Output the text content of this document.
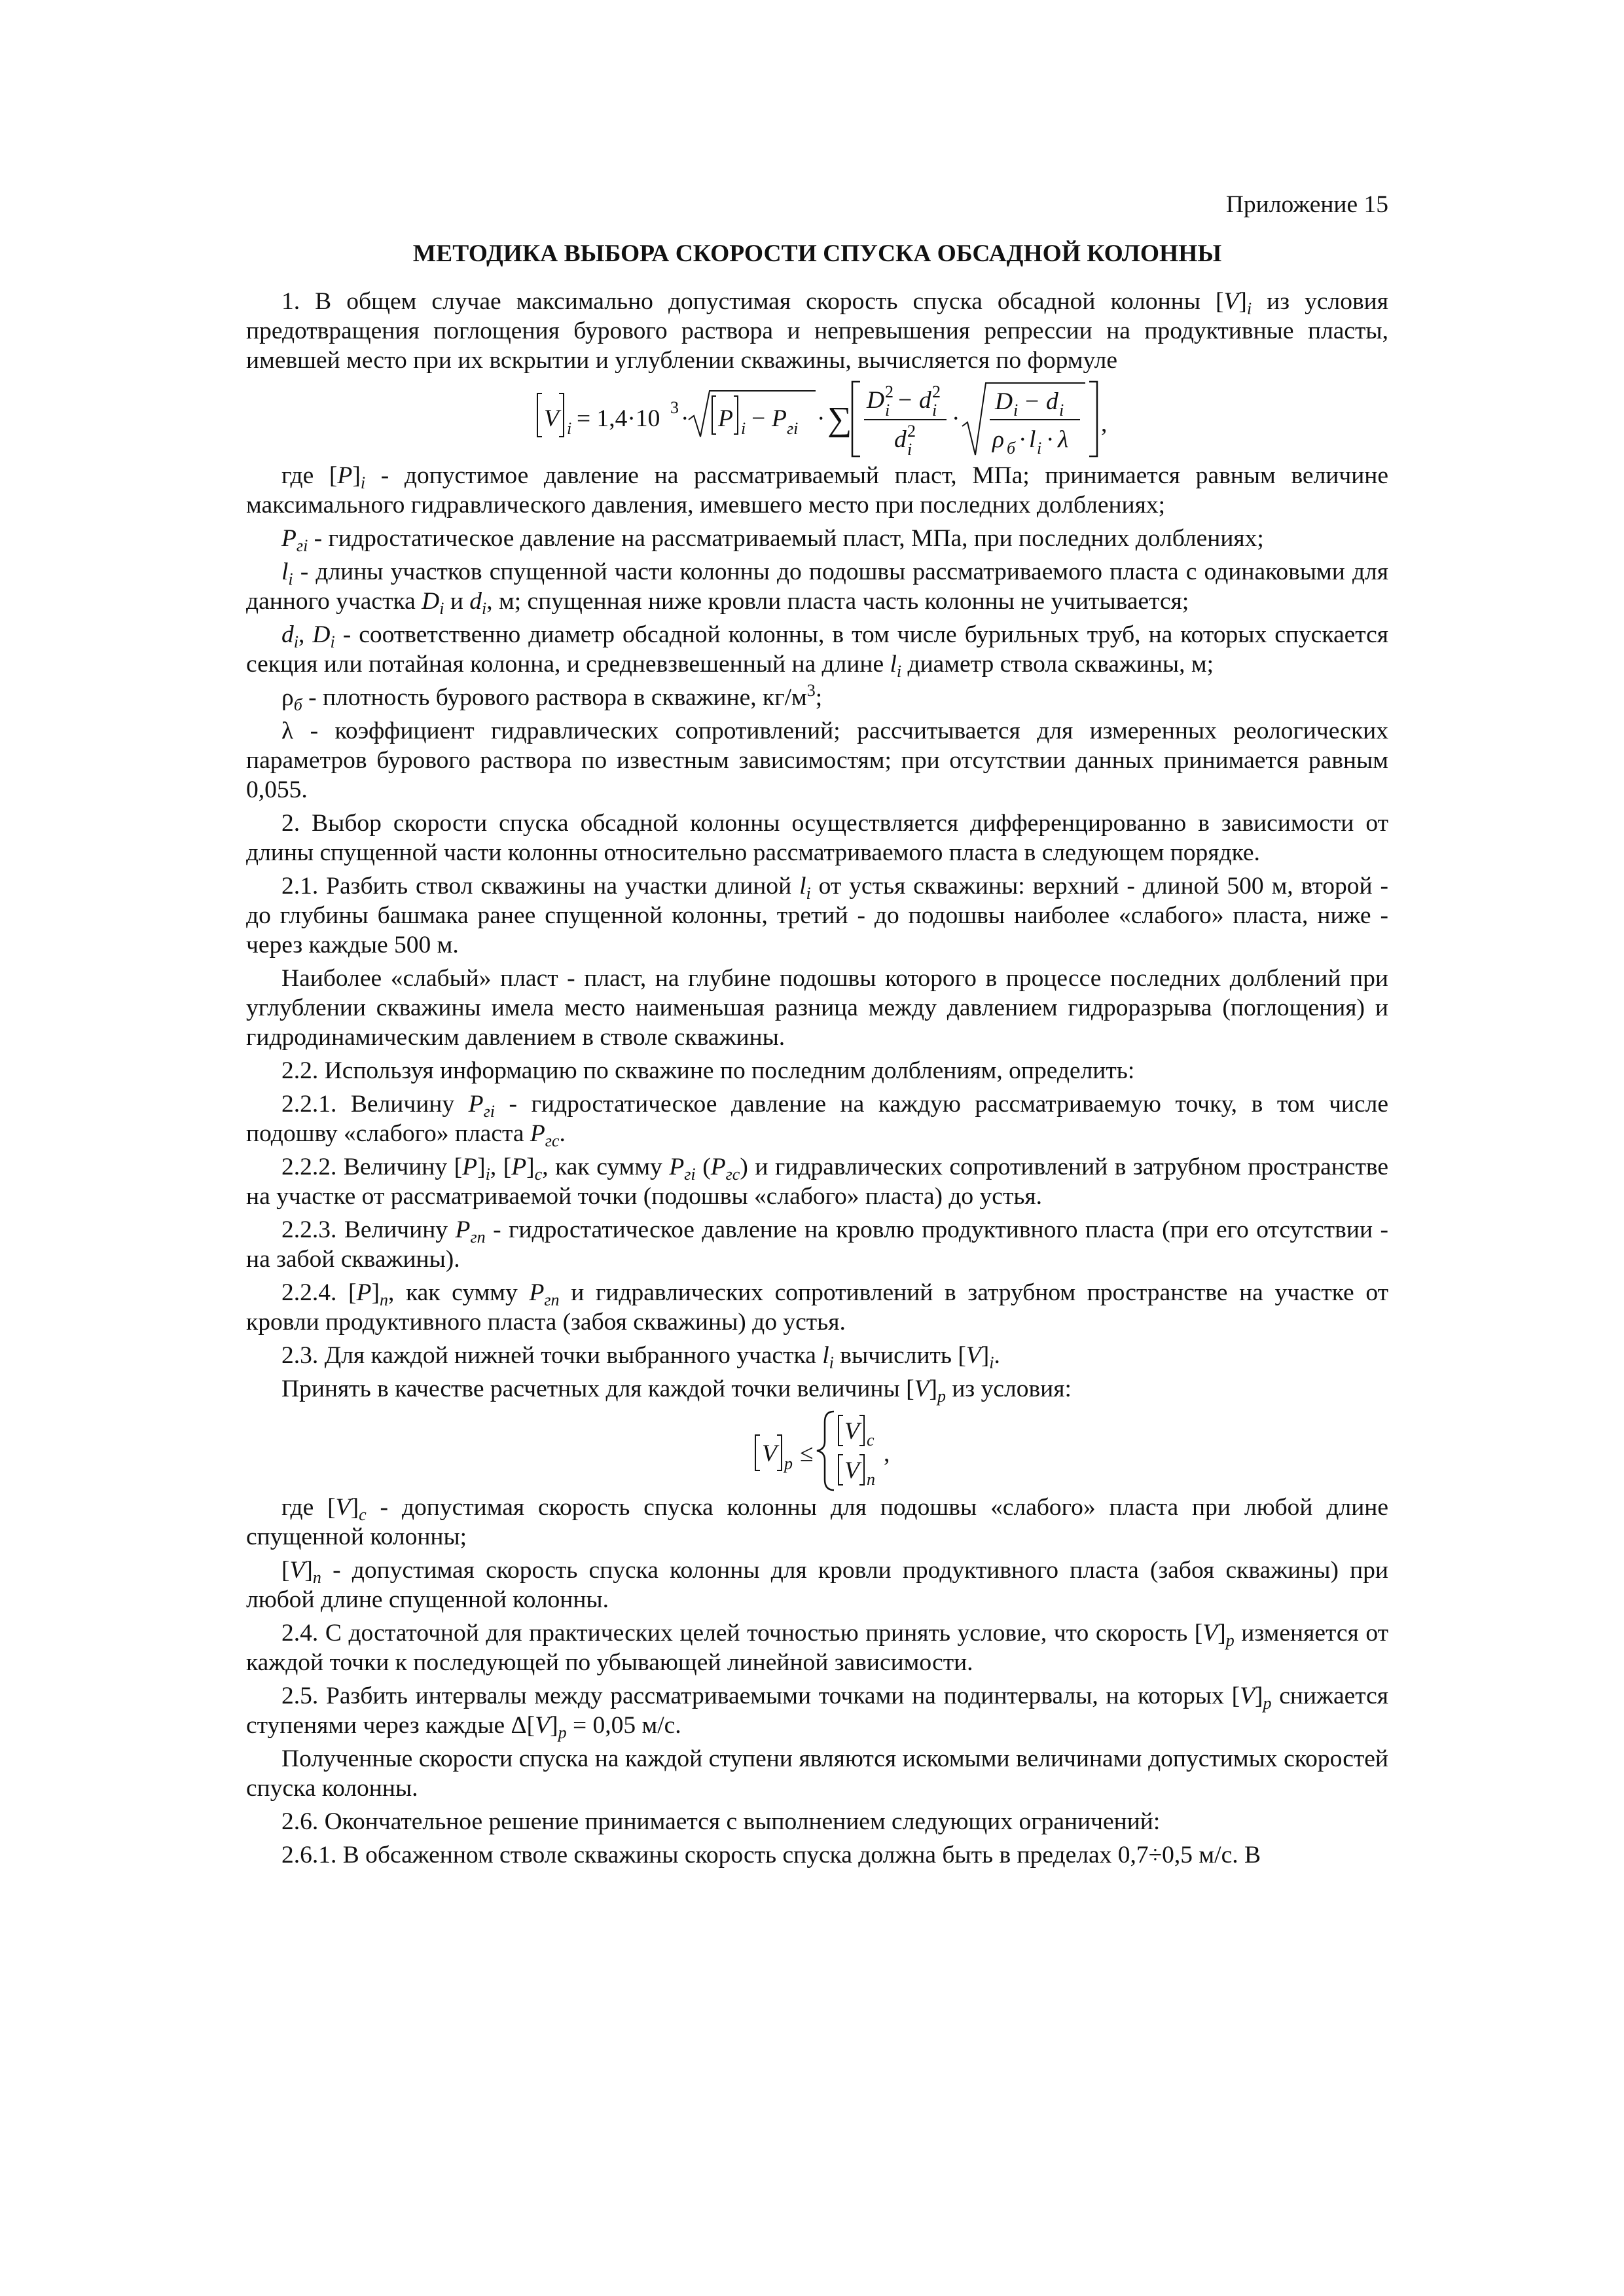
Приложение 15
МЕТОДИКА ВЫБОРА СКОРОСТИ СПУСКА ОБСАДНОЙ КОЛОННЫ

1. В общем случае максимально допустимая скорость спуска обсадной колонны $[V]_i$ из условия предотвращения поглощения бурового раствора и непревышения репрессии на продуктивные пласты, имевшей место при их вскрытии и углублении скважины, вычисляется по формуле

V i = 1,4·10 3 · P i − P гi · ∑
D 2
i − d 2
i
d 2
i
·
D i − d i
ρ б · l i · λ
,

где $[P]_i$ - допустимое давление на рассматриваемый пласт, МПа; принимается равным величине максимального гидравлического давления, имевшего место при последних долблениях;

$P_{гi}$ - гидростатическое давление на рассматриваемый пласт, МПа, при последних долблениях;

$l_i$ - длины участков спущенной части колонны до подошвы рассматриваемого пласта с одинаковыми для данного участка $D_i$ и $d_i$, м; спущенная ниже кровли пласта часть колонны не учитывается;

$d_i$, $D_i$ - соответственно диаметр обсадной колонны, в том числе бурильных труб, на которых спускается секция или потайная колонна, и средневзвешенный на длине $l_i$ диаметр ствола скважины, м;

$\rho_б$ - плотность бурового раствора в скважине, $кг/м^3$;

λ - коэффициент гидравлических сопротивлений; рассчитывается для измеренных реологических параметров бурового раствора по известным зависимостям; при отсутствии данных принимается равным 0,055.

2. Выбор скорости спуска обсадной колонны осуществляется дифференцированно в зависимости от длины спущенной части колонны относительно рассматриваемого пласта в следующем порядке.

2.1. Разбить ствол скважины на участки длиной $l_i$ от устья скважины: верхний - длиной 500 м, второй - до глубины башмака ранее спущенной колонны, третий - до подошвы наиболее «слабого» пласта, ниже - через каждые 500 м.

Наиболее «слабый» пласт - пласт, на глубине подошвы которого в процессе последних долблений при углублении скважины имела место наименьшая разница между давлением гидроразрыва (поглощения) и гидродинамическим давлением в стволе скважины.

2.2. Используя информацию по скважине по последним долблениям, определить:

2.2.1. Величину $P_{гi}$ - гидростатическое давление на каждую рассматриваемую точку, в том числе подошву «слабого» пласта $P_{гс}$.

2.2.2. Величину $[P]_i$, $[P]_c$, как сумму $P_{гi}$ $(P_{гс})$ и гидравлических сопротивлений в затрубном пространстве на участке от рассматриваемой точки (подошвы «слабого» пласта) до устья.

2.2.3. Величину $P_{гп}$ - гидростатическое давление на кровлю продуктивного пласта (при его отсутствии - на забой скважины).

2.2.4. $[P]_п$, как сумму $P_{гп}$ и гидравлических сопротивлений в затрубном пространстве на участке от кровли продуктивного пласта (забоя скважины) до устья.

2.3. Для каждой нижней точки выбранного участка $l_i$ вычислить $[V]_i$.

Принять в качестве расчетных для каждой точки величины $[V]_р$ из условия:

V р ≤
V с
V п
,

где $[V]_с$ - допустимая скорость спуска колонны для подошвы «слабого» пласта при любой длине спущенной колонны;

$[V]_п$ - допустимая скорость спуска колонны для кровли продуктивного пласта (забоя скважины) при любой длине спущенной колонны.

2.4. С достаточной для практических целей точностью принять условие, что скорость $[V]_р$ изменяется от каждой точки к последующей по убывающей линейной зависимости.

2.5. Разбить интервалы между рассматриваемыми точками на подинтервалы, на которых $[V]_р$ снижается ступенями через каждые $\Delta[V]_р = 0,05$ м/с.

Полученные скорости спуска на каждой ступени являются искомыми величинами допустимых скоростей спуска колонны.

2.6. Окончательное решение принимается с выполнением следующих ограничений:

2.6.1. В обсаженном стволе скважины скорость спуска должна быть в пределах 0,7÷0,5 м/с. В
